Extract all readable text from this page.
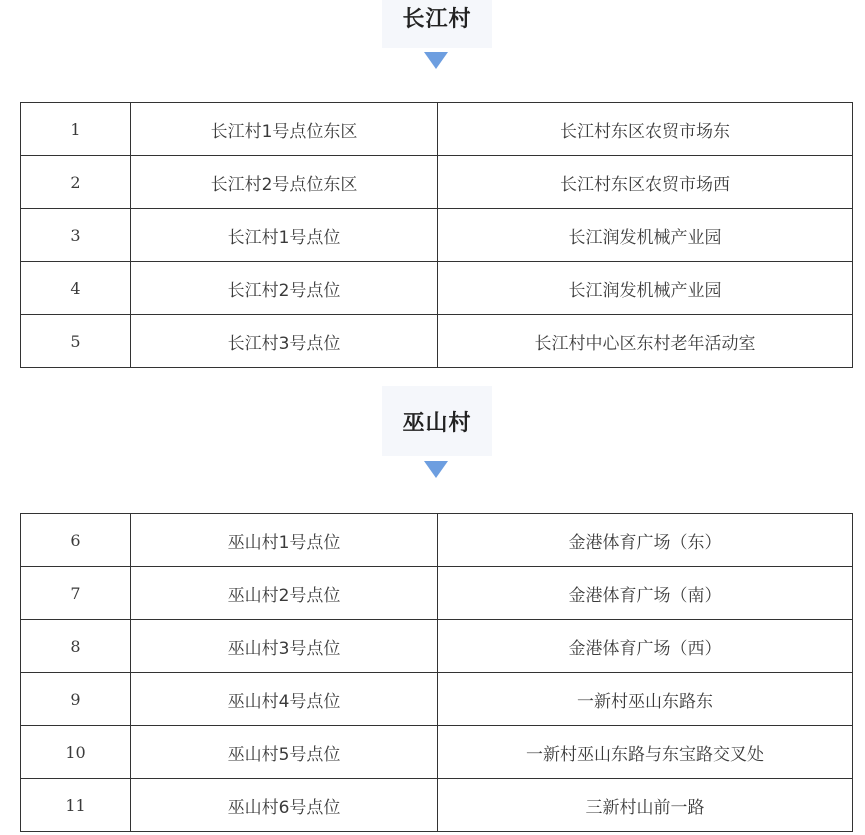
长江村
1	长江村1号点位东区	长江村东区农贸市场东
2	长江村2号点位东区	长江村东区农贸市场西
3	长江村1号点位	长江润发机械产业园
4	长江村2号点位	长江润发机械产业园
5	长江村3号点位	长江村中心区东村老年活动室
巫山村
6	巫山村1号点位	金港体育广场（东）
7	巫山村2号点位	金港体育广场（南）
8	巫山村3号点位	金港体育广场（西）
9	巫山村4号点位	一新村巫山东路东
10	巫山村5号点位	一新村巫山东路与东宝路交叉处
11	巫山村6号点位	三新村山前一路
